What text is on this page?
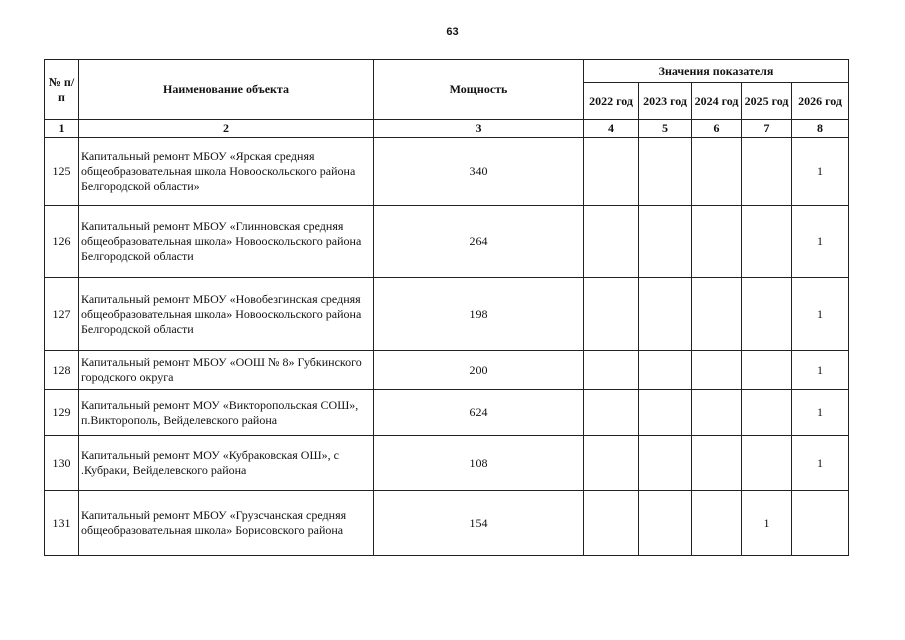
63
№ п/п	Наименование объекта	Мощность	Значения показателя				
			2022 год	2023 год	2024 год	2025 год	2026 год
1	2	3	4	5	6	7	8
125	Капитальный ремонт МБОУ «Ярская средняя общеобразовательная школа Новооскольского района Белгородской области»	340					1
126	Капитальный ремонт МБОУ «Глинновская средняя общеобразовательная школа» Новооскольского района Белгородской области	264					1
127	Капитальный ремонт МБОУ «Новобезгинская средняя общеобразовательная школа» Новооскольского района Белгородской области	198					1
128	Капитальный ремонт МБОУ «ООШ № 8» Губкинского городского округа	200					1
129	Капитальный ремонт МОУ «Викторопольская СОШ», п.Викторополь, Вейделевского района	624					1
130	Капитальный ремонт МОУ «Кубраковская ОШ», с .Кубраки, Вейделевского района	108					1
131	Капитальный ремонт МБОУ «Грузсчанская средняя общеобразовательная школа» Борисовского района	154				1	
